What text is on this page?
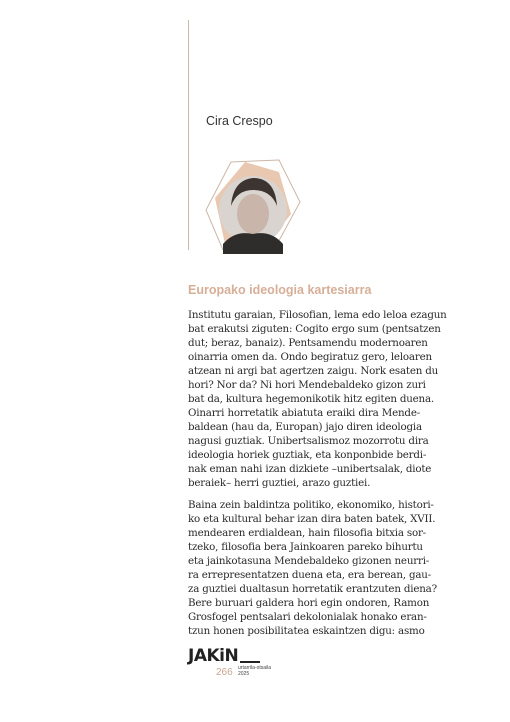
Cira Crespo
Europako ideologia kartesiarra
Institutu garaian, Filosofian, lema edo leloa ezagun
bat erakutsi ziguten: Cogito ergo sum (pentsatzen
dut; beraz, banaiz). Pentsamendu modernoaren
oinarria omen da. Ondo begiratuz gero, leloaren
atzean ni argi bat agertzen zaigu. Nork esaten du
hori? Nor da? Ni hori Mendebaldeko gizon zuri
bat da, kultura hegemonikotik hitz egiten duena.
Oinarri horretatik abiatuta eraiki dira Mende-
baldean (hau da, Europan) jajo diren ideologia
nagusi guztiak. Unibertsalismoz mozorrotu dira
ideologia horiek guztiak, eta konponbide berdi-
nak eman nahi izan dizkiete –unibertsalak, diote
beraiek– herri guztiei, arazo guztiei.
Baina zein baldintza politiko, ekonomiko, histori-
ko eta kultural behar izan dira baten batek, XVII.
mendearen erdialdean, hain filosofia bitxia sor-
tzeko, filosofia bera Jainkoaren pareko bihurtu
eta jainkotasuna Mendebaldeko gizonen neurri-
ra errepresentatzen duena eta, era berean, gau-
za guztiei dualtasun horretatik erantzuten diena?
Bere buruari galdera hori egin ondoren, Ramon
Grosfogel pentsalari dekolonialak honako eran-
tzun honen posibilitatea eskaintzen digu: asmo
JAKiN
266 urtarrila-otsaila
2025
